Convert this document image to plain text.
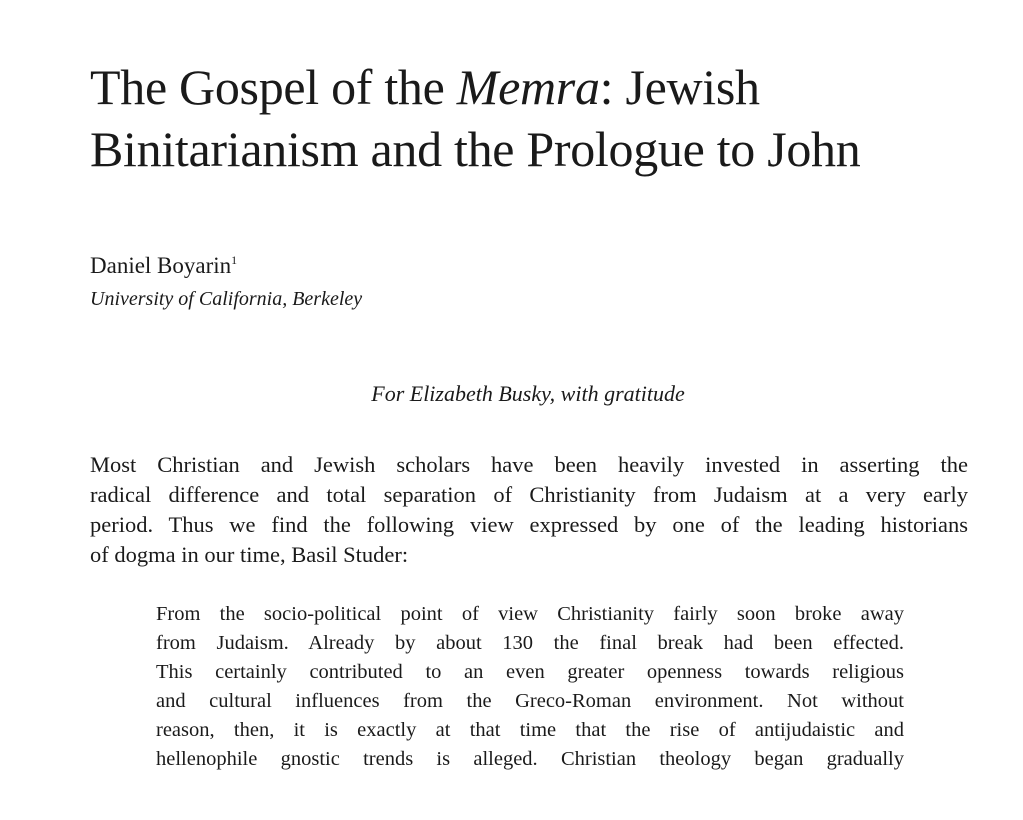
The Gospel of the Memra: Jewish
Binitarianism and the Prologue to John
Daniel Boyarin$^1$
University of California, Berkeley
For Elizabeth Busky, with gratitude
Most Christian and Jewish scholars have been heavily invested in asserting the
radical difference and total separation of Christianity from Judaism at a very early
period. Thus we find the following view expressed by one of the leading historians
of dogma in our time, Basil Studer:
From the socio-political point of view Christianity fairly soon broke away
from Judaism. Already by about 130 the final break had been effected.
This certainly contributed to an even greater openness towards religious
and cultural influences from the Greco-Roman environment. Not without
reason, then, it is exactly at that time that the rise of antijudaistic and
hellenophile gnostic trends is alleged. Christian theology began gradually
